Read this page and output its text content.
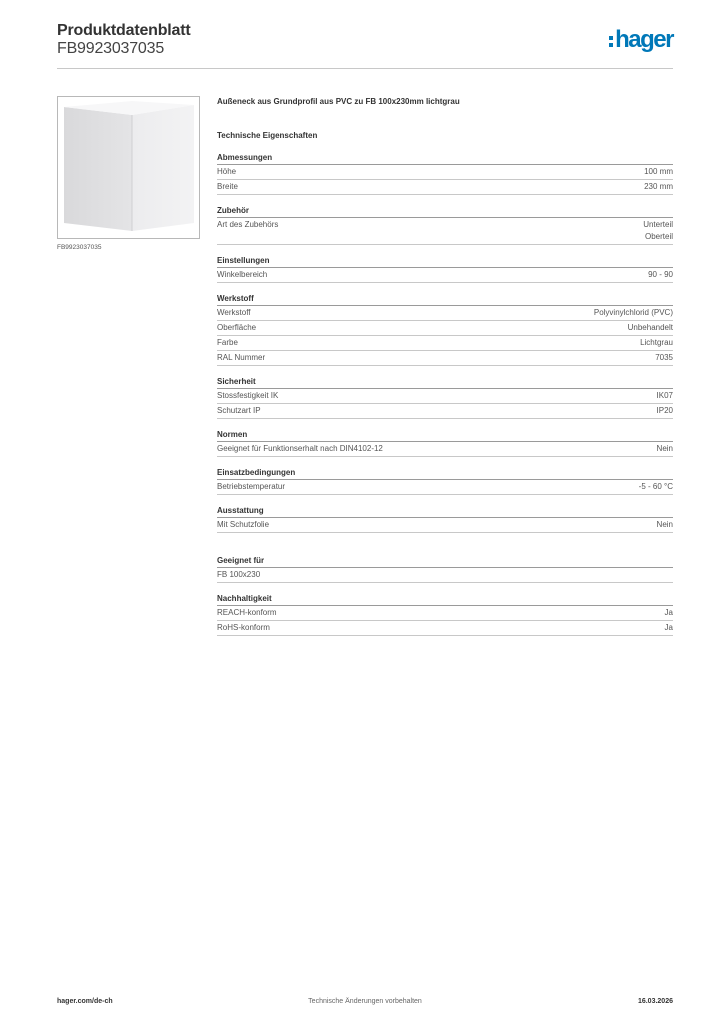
Produktdatenblatt
FB9923037035	hager
FB9923037035
Außeneck aus Grundprofil aus PVC zu FB 100x230mm lichtgrau
Technische Eigenschaften
Abmessungen
Höhe	100 mm
Breite	230 mm
Zubehör
Art des Zubehörs	Unterteil
Oberteil
Einstellungen
Winkelbereich	90 - 90
Werkstoff
Werkstoff	Polyvinylchlorid (PVC)
Oberfläche	Unbehandelt
Farbe	Lichtgrau
RAL Nummer	7035
Sicherheit
Stossfestigkeit IK	IK07
Schutzart IP	IP20
Normen
Geeignet für Funktionserhalt nach DIN4102-12	Nein
Einsatzbedingungen
Betriebstemperatur	-5 - 60 °C
Ausstattung
Mit Schutzfolie	Nein
Geeignet für
FB 100x230
Nachhaltigkeit
REACH-konform	Ja
RoHS-konform	Ja
hager.com/de-ch	Technische Änderungen vorbehalten	16.03.2026
